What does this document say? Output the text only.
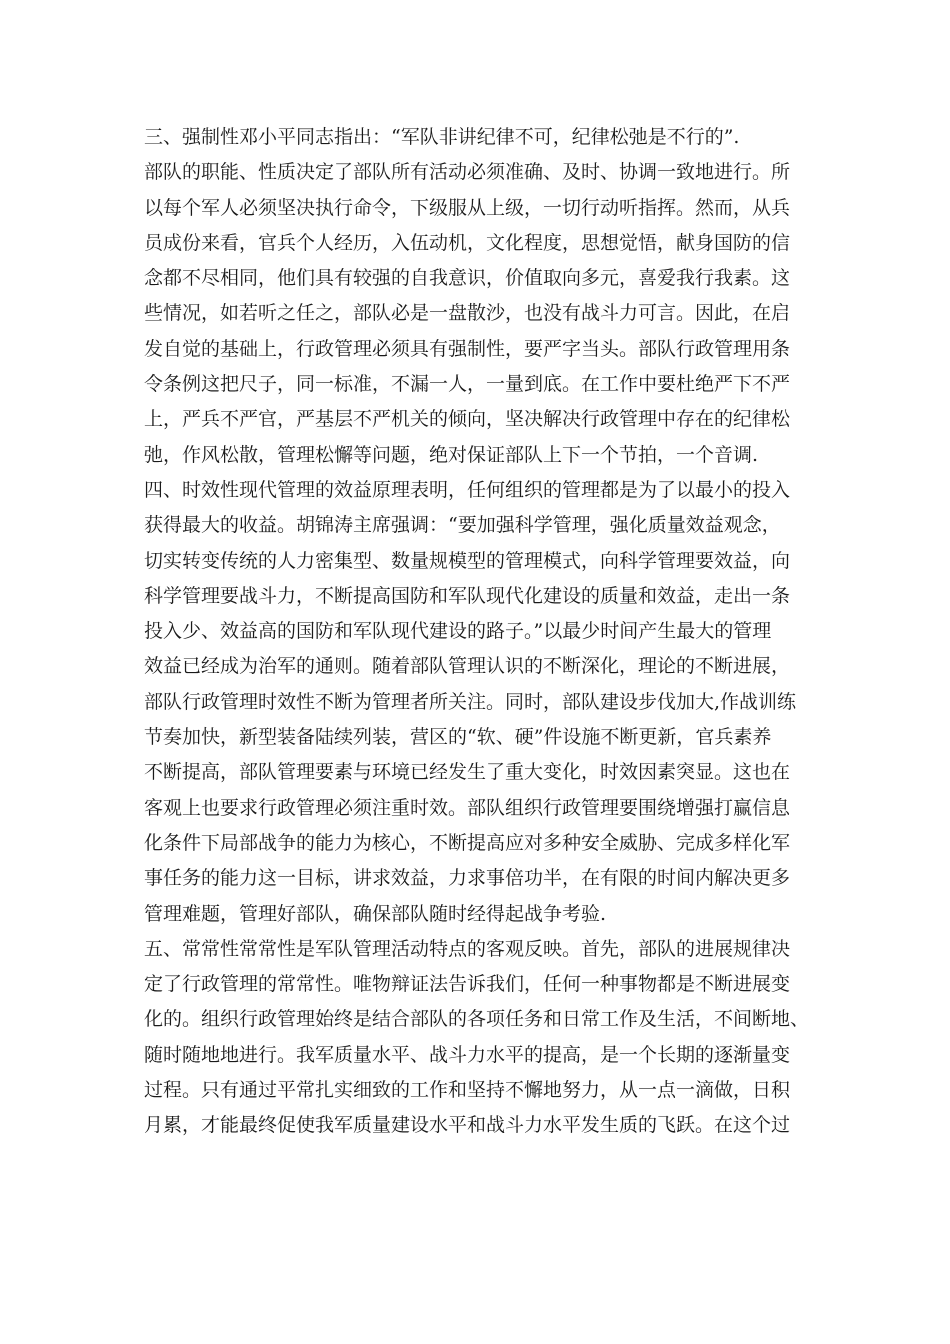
三、强制性邓小平同志指出：“军队非讲纪律不可，纪律松弛是不行的”.
部队的职能、性质决定了部队所有活动必须准确、及时、协调一致地进行。所
以每个军人必须坚决执行命令，下级服从上级，一切行动听指挥。然而，从兵
员成份来看，官兵个人经历，入伍动机，文化程度，思想觉悟，献身国防的信
念都不尽相同，他们具有较强的自我意识，价值取向多元，喜爱我行我素。这
些情况，如若听之任之，部队必是一盘散沙，也没有战斗力可言。因此，在启
发自觉的基础上，行政管理必须具有强制性，要严字当头。部队行政管理用条
令条例这把尺子，同一标准，不漏一人，一量到底。在工作中要杜绝严下不严
上，严兵不严官，严基层不严机关的倾向，坚决解决行政管理中存在的纪律松
弛，作风松散，管理松懈等问题，绝对保证部队上下一个节拍，一个音调.
四、时效性现代管理的效益原理表明，任何组织的管理都是为了以最小的投入
获得最大的收益。胡锦涛主席强调：“要加强科学管理，强化质量效益观念，
切实转变传统的人力密集型、数量规模型的管理模式，向科学管理要效益，向
科学管理要战斗力，不断提高国防和军队现代化建设的质量和效益，走出一条
投入少、效益高的国防和军队现代建设的路子。”以最少时间产生最大的管理
效益已经成为治军的通则。随着部队管理认识的不断深化，理论的不断进展，
部队行政管理时效性不断为管理者所关注。同时，部队建设步伐加大,作战训练
节奏加快，新型装备陆续列装，营区的“软、硬”件设施不断更新，官兵素养
不断提高，部队管理要素与环境已经发生了重大变化，时效因素突显。这也在
客观上也要求行政管理必须注重时效。部队组织行政管理要围绕增强打赢信息
化条件下局部战争的能力为核心，不断提高应对多种安全威胁、完成多样化军
事任务的能力这一目标，讲求效益，力求事倍功半，在有限的时间内解决更多
管理难题，管理好部队，确保部队随时经得起战争考验.
五、常常性常常性是军队管理活动特点的客观反映。首先，部队的进展规律决
定了行政管理的常常性。唯物辩证法告诉我们，任何一种事物都是不断进展变
化的。组织行政管理始终是结合部队的各项任务和日常工作及生活，不间断地、
随时随地地进行。我军质量水平、战斗力水平的提高，是一个长期的逐渐量变
过程。只有通过平常扎实细致的工作和坚持不懈地努力，从一点一滴做，日积
月累，才能最终促使我军质量建设水平和战斗力水平发生质的飞跃。在这个过
